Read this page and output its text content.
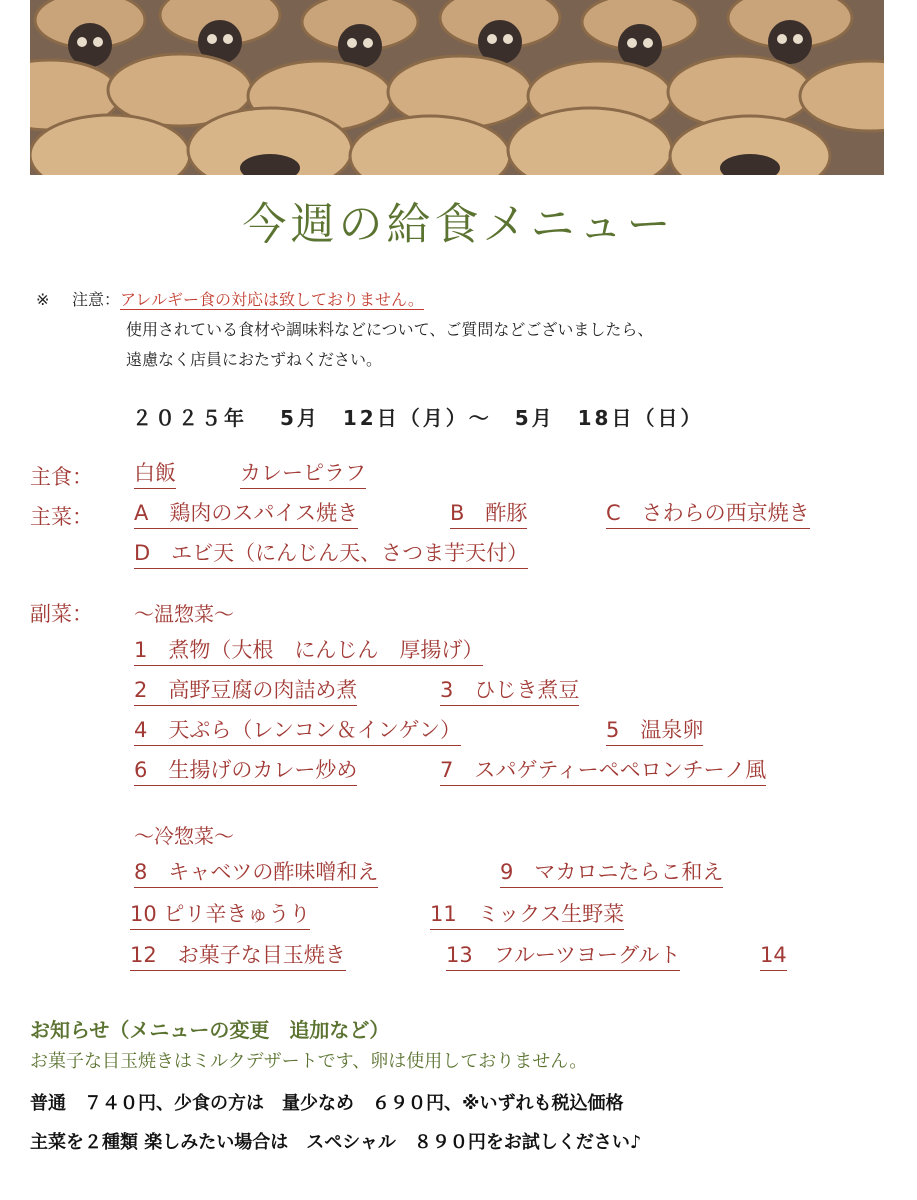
今週の給食メニュー
※ 注意：アレルギー食の対応は致しておりません。
使用されている食材や調味料などについて、ご質問などございましたら、
遠慮なく店員におたずねください。
２０２５年　 5月　12日（月）〜　5月　18日（日）
主食： 白飯	カレーピラフ
主菜： A　鶏肉のスパイス焼き	B　酢豚	C　さわらの西京焼き
D　エビ天（にんじん天、さつま芋天付）
副菜： 〜温惣菜〜
1　煮物（大根　にんじん　厚揚げ）
2　高野豆腐の肉詰め煮	3　ひじき煮豆
4　天ぷら（レンコン＆インゲン）	5　温泉卵
6　生揚げのカレー炒め	7　スパゲティーペペロンチーノ風
〜冷惣菜〜
8　キャベツの酢味噌和え	9　マカロニたらこ和え
10 ピリ辛きゅうり	11　ミックス生野菜
12　お菓子な目玉焼き	13　フルーツヨーグルト	14
お知らせ（メニューの変更　追加など）
お菓子な目玉焼きはミルクデザートです、卵は使用しておりません。
普通　７４０円、少食の方は　量少なめ　６９０円、※いずれも税込価格
主菜を２種類 楽しみたい場合は　スペシャル　８９０円をお試しください♪
